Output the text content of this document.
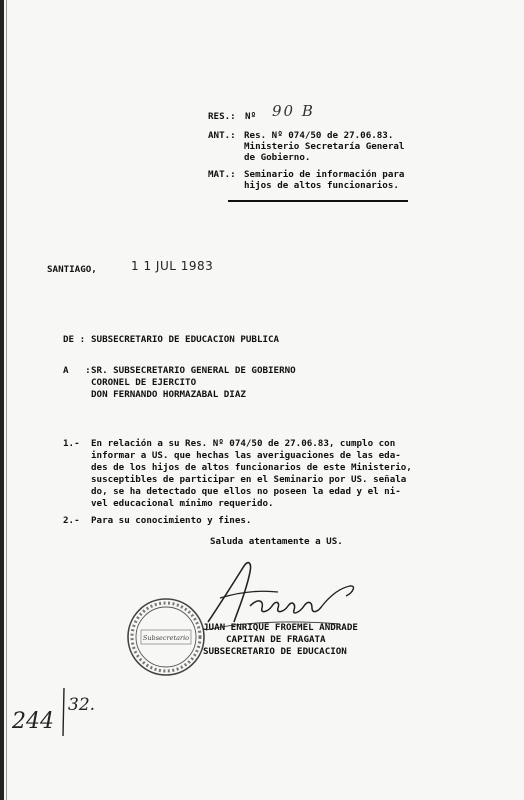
RES.: Nº 90 B
ANT.: Res. Nº 074/50 de 27.06.83.
Ministerio Secretaría General
de Gobierno.
MAT.: Seminario de información para
hijos de altos funcionarios.
SANTIAGO,	1 1 JUL 1983
DE : SUBSECRETARIO DE EDUCACION PUBLICA
A   : SR. SUBSECRETARIO GENERAL DE GOBIERNO
CORONEL DE EJERCITO
DON FERNANDO HORMAZABAL DIAZ
1.- En relación a su Res. Nº 074/50 de 27.06.83, cumplo con
informar a US. que hechas las averiguaciones de las eda-
des de los hijos de altos funcionarios de este Ministerio,
susceptibles de participar en el Seminario por US. señala
do, se ha detectado que ellos no poseen la edad y el ni-
vel educacional mínimo requerido.
2.- Para su conocimiento y fines.
Saluda atentamente a US.
Subsecretario
JUAN ENRIQUE FROEMEL ANDRADE
CAPITAN DE FRAGATA
SUBSECRETARIO DE EDUCACION
244
32.
